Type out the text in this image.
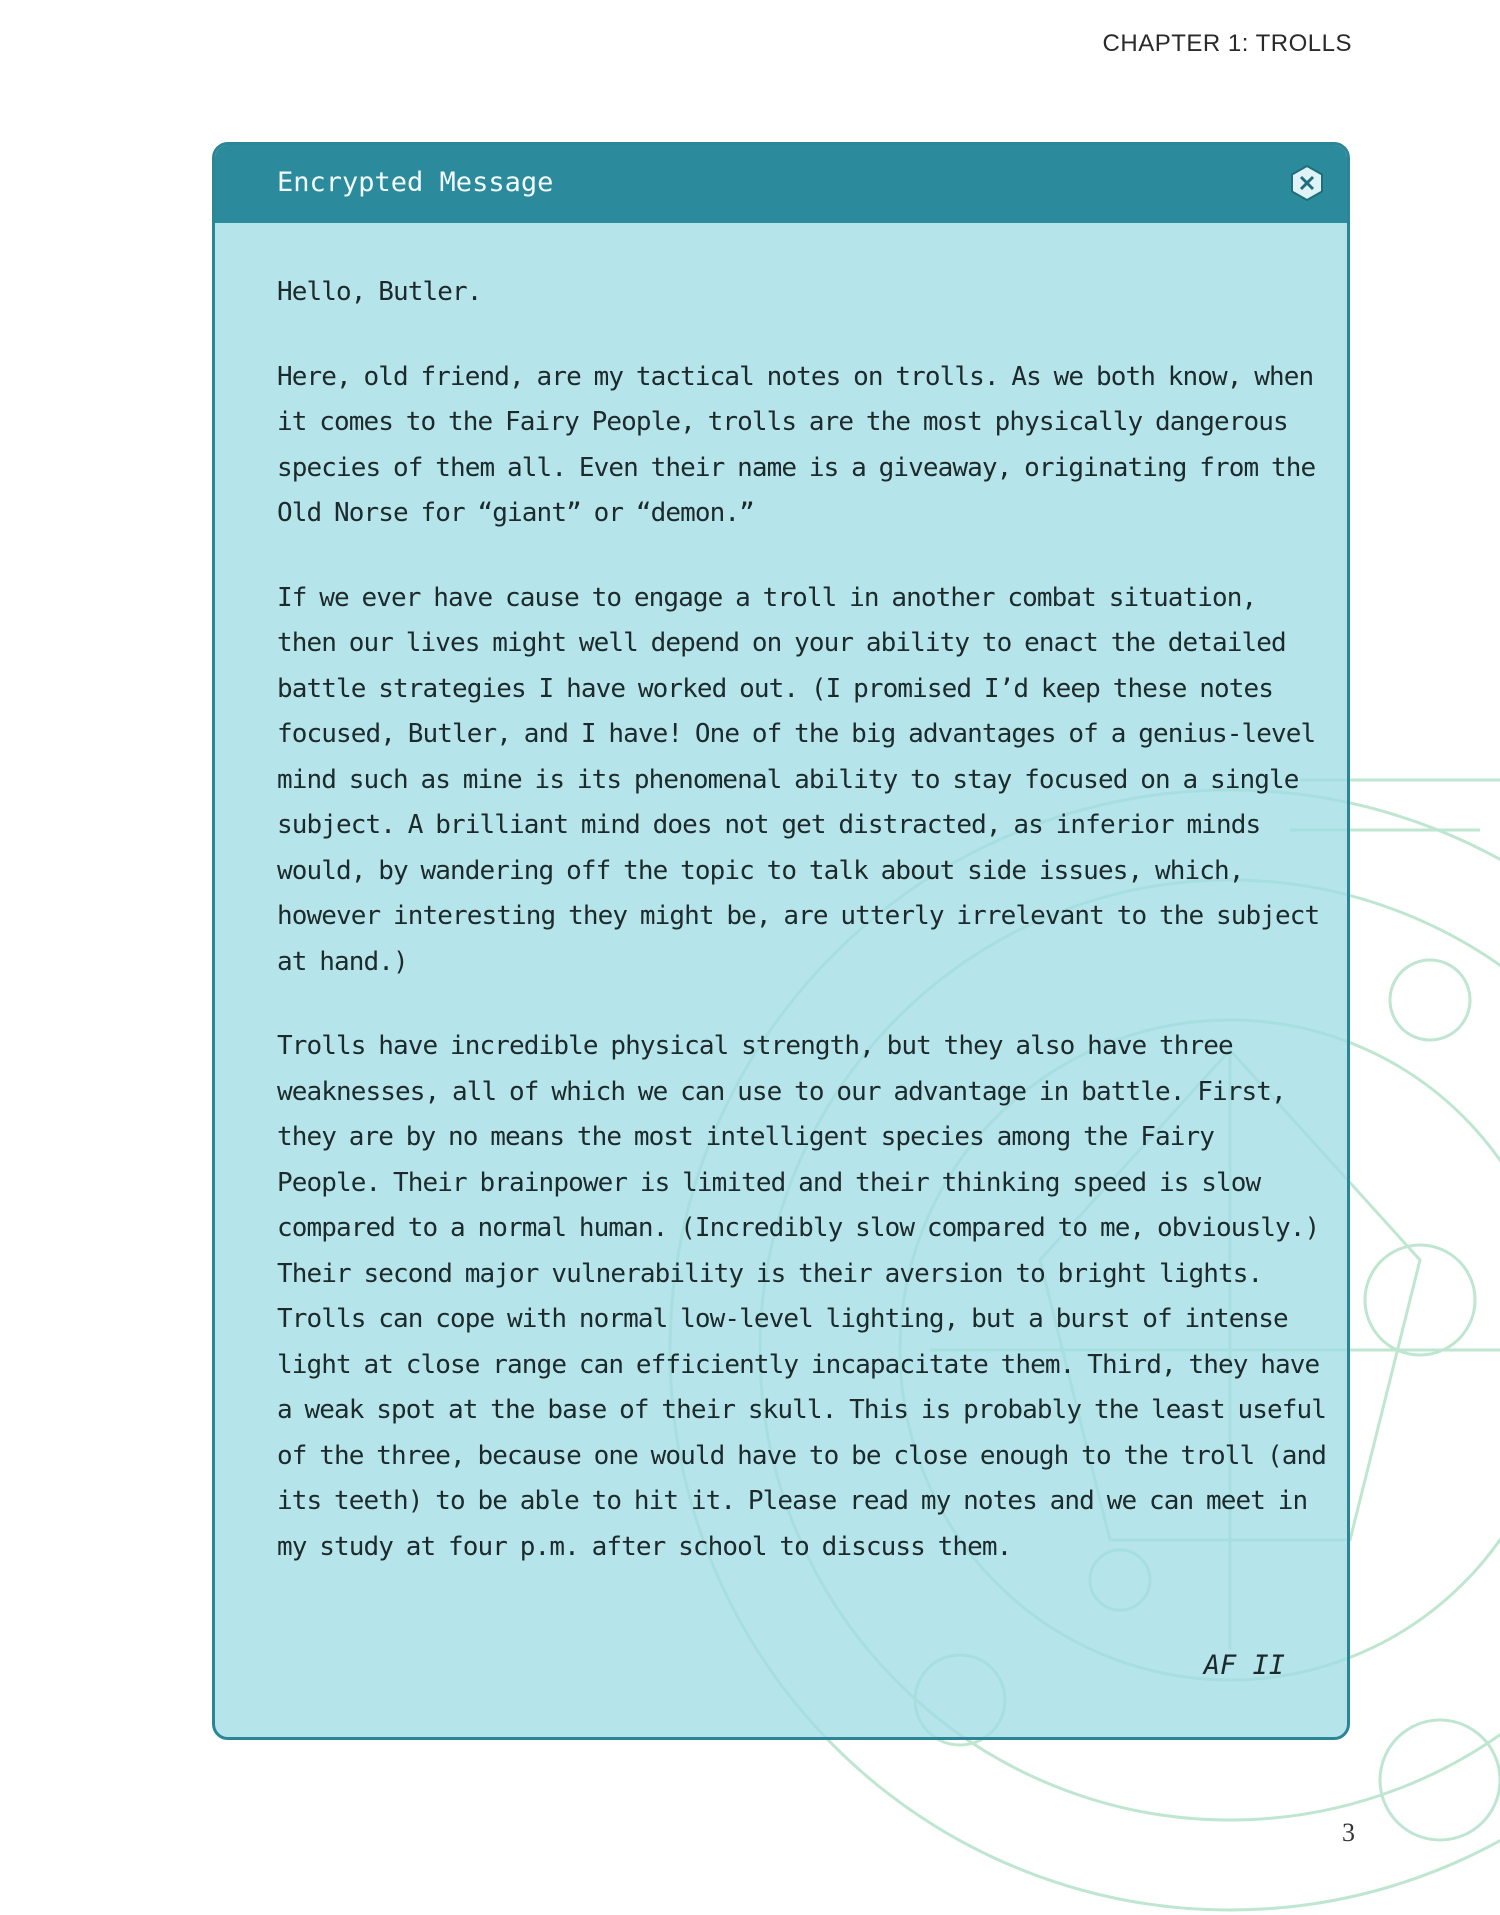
CHAPTER 1: TROLLS
Encrypted Message

Hello, Butler.

Here, old friend, are my tactical notes on trolls. As we both know, when it comes to the Fairy People, trolls are the most physically dangerous species of them all. Even their name is a giveaway, originating from the Old Norse for “giant” or “demon.”

If we ever have cause to engage a troll in another combat situation, then our lives might well depend on your ability to enact the detailed battle strategies I have worked out. (I promised I’d keep these notes focused, Butler, and I have! One of the big advantages of a genius-level mind such as mine is its phenomenal ability to stay focused on a single subject. A brilliant mind does not get distracted, as inferior minds would, by wandering off the topic to talk about side issues, which, however interesting they might be, are utterly irrelevant to the subject at hand.)

Trolls have incredible physical strength, but they also have three weaknesses, all of which we can use to our advantage in battle. First, they are by no means the most intelligent species among the Fairy People. Their brainpower is limited and their thinking speed is slow compared to a normal human. (Incredibly slow compared to me, obviously.) Their second major vulnerability is their aversion to bright lights. Trolls can cope with normal low-level lighting, but a burst of intense light at close range can efficiently incapacitate them. Third, they have a weak spot at the base of their skull. This is probably the least useful of the three, because one would have to be close enough to the troll (and its teeth) to be able to hit it. Please read my notes and we can meet in my study at four p.m. after school to discuss them.

AF II
3
